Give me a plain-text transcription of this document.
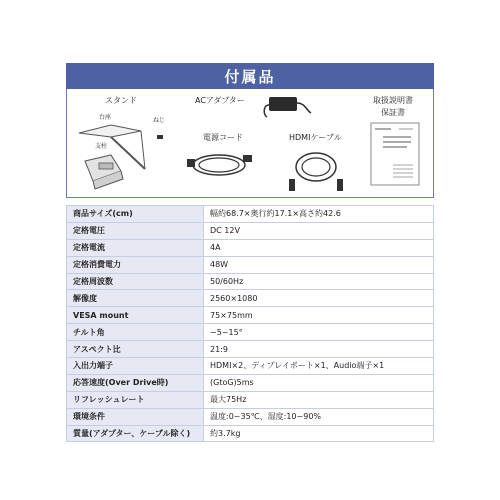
付属品
スタンド
台座	ねじ
支柱
ACアダプター
電源コード	HDMIケーブル
取扱説明書
保証書
商品サイズ(cm)	幅約68.7×奥行約17.1×高さ約42.6
定格電圧	DC 12V
定格電流	4A
定格消費電力	48W
定格周波数	50/60Hz
解像度	2560×1080
VESA mount	75×75mm
チルト角	−5~15°
アスペクト比	21:9
入出力端子	HDMI×2、ディプレイポート×1、Audio端子×1
応答速度(Over Drive時)	(GtoG)5ms
リフレッシュレート	最大75Hz
環境条件	温度:0~35℃、湿度:10~90%
質量(アダプター、ケーブル除く)	約3.7kg
